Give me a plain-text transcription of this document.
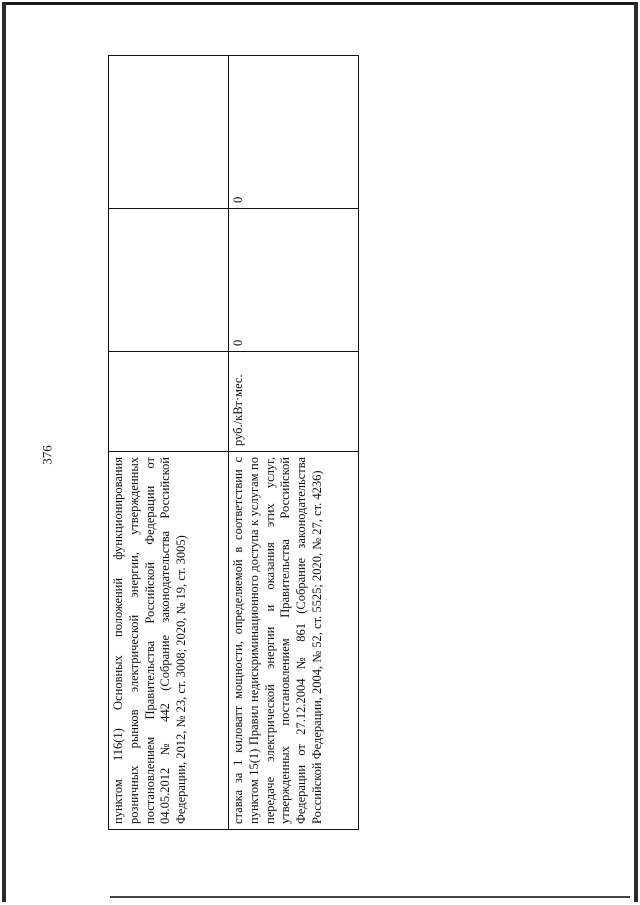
376
пунктом 116(1) Основных положений функционирования розничных рынков электрической энергии, утвержденных постановлением Правительства Российской Федерации от 04.05.2012 № 442 (Собрание законодательства Российской Федерации, 2012, № 23, ст. 3008; 2020, № 19, ст. 3005)			
ставка за 1 киловатт мощности, определяемой в соответствии с пунктом 15(1) Правил недискриминационного доступа к услугам по передаче электрической энергии и оказания этих услуг, утвержденных постановлением Правительства Российской Федерации от 27.12.2004 № 861 (Собрание законодательства Российской Федерации, 2004, № 52, ст. 5525; 2020, № 27, ст. 4236)	руб./кВт·мес.	0	0
